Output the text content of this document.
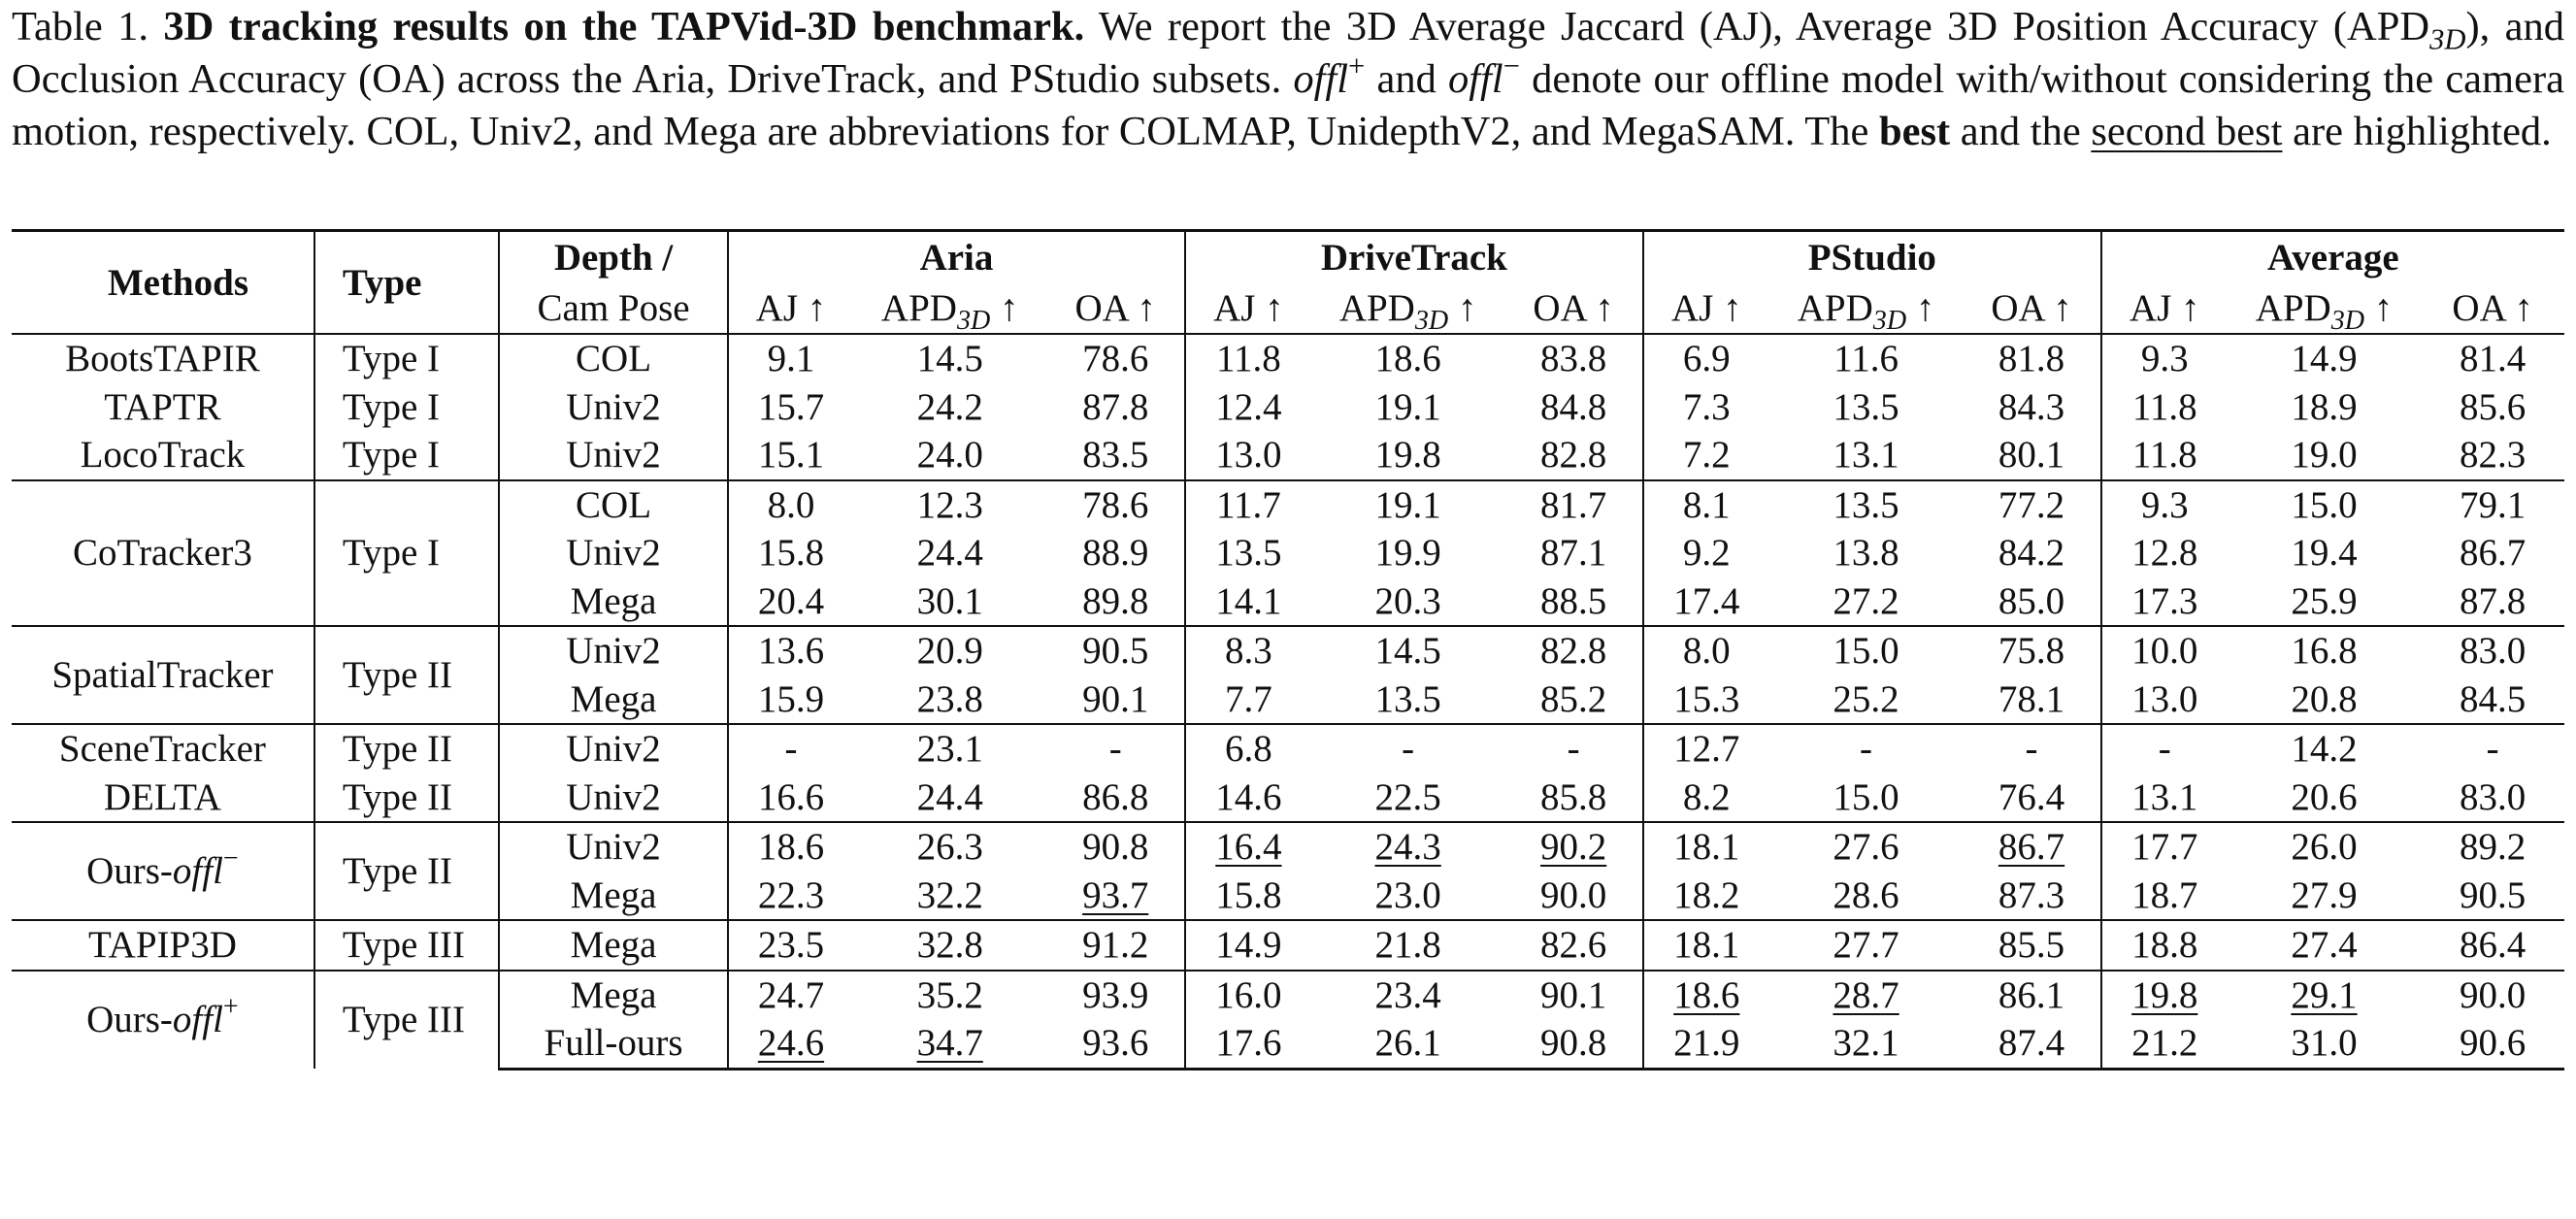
Table 1. 3D tracking results on the TAPVid-3D benchmark. We report the 3D Average Jaccard (AJ), Average 3D Position Accuracy $(APD_{3D})$, and Occlusion Accuracy (OA) across the Aria, DriveTrack, and PStudio subsets. offl+ and offl− denote our offline model with/without considering the camera motion, respectively. COL, Univ2, and Mega are abbreviations for COLMAP, UnidepthV2, and MegaSAM. The best and the second best are highlighted.

Methods	Type	Depth /	Aria			DriveTrack			PStudio			Average		
		Cam Pose	AJ ↑	$APD_{3D}$ ↑	OA ↑	AJ ↑	$APD_{3D}$ ↑	OA ↑	AJ ↑	$APD_{3D}$ ↑	OA ↑	AJ ↑	$APD_{3D}$ ↑	OA ↑
BootsTAPIR	Type I	COL	9.1	14.5	78.6	11.8	18.6	83.8	6.9	11.6	81.8	9.3	14.9	81.4
TAPTR	Type I	Univ2	15.7	24.2	87.8	12.4	19.1	84.8	7.3	13.5	84.3	11.8	18.9	85.6
LocoTrack	Type I	Univ2	15.1	24.0	83.5	13.0	19.8	82.8	7.2	13.1	80.1	11.8	19.0	82.3
CoTracker3	Type I	COL	8.0	12.3	78.6	11.7	19.1	81.7	8.1	13.5	77.2	9.3	15.0	79.1
		Univ2	15.8	24.4	88.9	13.5	19.9	87.1	9.2	13.8	84.2	12.8	19.4	86.7
		Mega	20.4	30.1	89.8	14.1	20.3	88.5	17.4	27.2	85.0	17.3	25.9	87.8
SpatialTracker	Type II	Univ2	13.6	20.9	90.5	8.3	14.5	82.8	8.0	15.0	75.8	10.0	16.8	83.0
		Mega	15.9	23.8	90.1	7.7	13.5	85.2	15.3	25.2	78.1	13.0	20.8	84.5
SceneTracker	Type II	Univ2	-	23.1	-	6.8	-	-	12.7	-	-	-	14.2	-
DELTA	Type II	Univ2	16.6	24.4	86.8	14.6	22.5	85.8	8.2	15.0	76.4	13.1	20.6	83.0
Ours-offl−	Type II	Univ2	18.6	26.3	90.8	16.4	24.3	90.2	18.1	27.6	86.7	17.7	26.0	89.2
		Mega	22.3	32.2	93.7	15.8	23.0	90.0	18.2	28.6	87.3	18.7	27.9	90.5
TAPIP3D	Type III	Mega	23.5	32.8	91.2	14.9	21.8	82.6	18.1	27.7	85.5	18.8	27.4	86.4
Ours-offl+	Type III	Mega	24.7	35.2	93.9	16.0	23.4	90.1	18.6	28.7	86.1	19.8	29.1	90.0
		Full-ours	24.6	34.7	93.6	17.6	26.1	90.8	21.9	32.1	87.4	21.2	31.0	90.6
